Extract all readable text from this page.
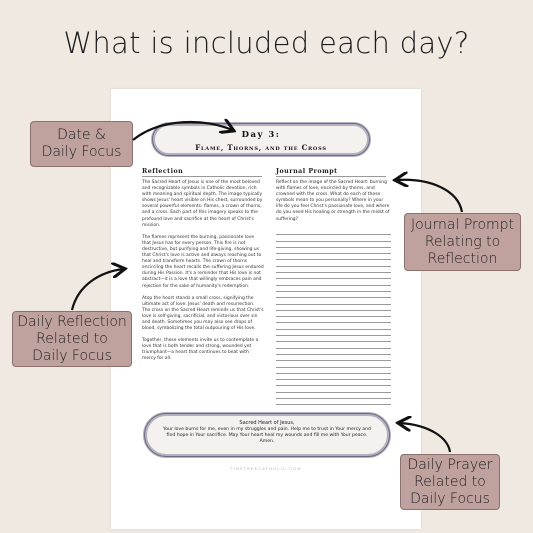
What is included each day?
Day 3:
Flame, Thorns, and the Cross
Reflection	Journal Prompt

The Sacred Heart of Jesus is one of the most beloved and recognizable symbols in Catholic devotion, rich with meaning and spiritual depth. The image typically shows Jesus' heart visible on His chest, surrounded by several powerful elements: flames, a crown of thorns, and a cross. Each part of this imagery speaks to the profound love and sacrifice at the heart of Christ's mission.

The flames represent the burning, passionate love that Jesus has for every person. This fire is not destructive, but purifying and life-giving, showing us that Christ's love is active and always reaching out to heal and transform hearts. The crown of thorns encircling the heart recalls the suffering Jesus endured during His Passion. It's a reminder that His love is not abstract—it is a love that willingly embraces pain and rejection for the sake of humanity's redemption.

Atop the heart stands a small cross, signifying the ultimate act of love: Jesus' death and resurrection. The cross on the Sacred Heart reminds us that Christ's love is self-giving, sacrificial, and victorious over sin and death. Sometimes you may also see drops of blood, symbolizing the total outpouring of His love.

Together, these elements invite us to contemplate a love that is both tender and strong, wounded yet triumphant—a heart that continues to beat with mercy for all.

Reflect on the image of the Sacred Heart: burning with flames of love, encircled by thorns, and crowned with the cross. What do each of these symbols mean to you personally? Where in your life do you feel Christ's passionate love, and where do you need His healing or strength in the midst of suffering?
Sacred Heart of Jesus,
Your love burns for me, even in my struggles and pain. Help me to trust in Your mercy and find hope in Your sacrifice. May Your heart heal my wounds and fill me with Your peace. Amen.
PINETREECATHOLIC.COM
Date &
Daily Focus
Journal Prompt
Relating to
Reflection
Daily Reflection
Related to
Daily Focus
Daily Prayer
Related to
Daily Focus
